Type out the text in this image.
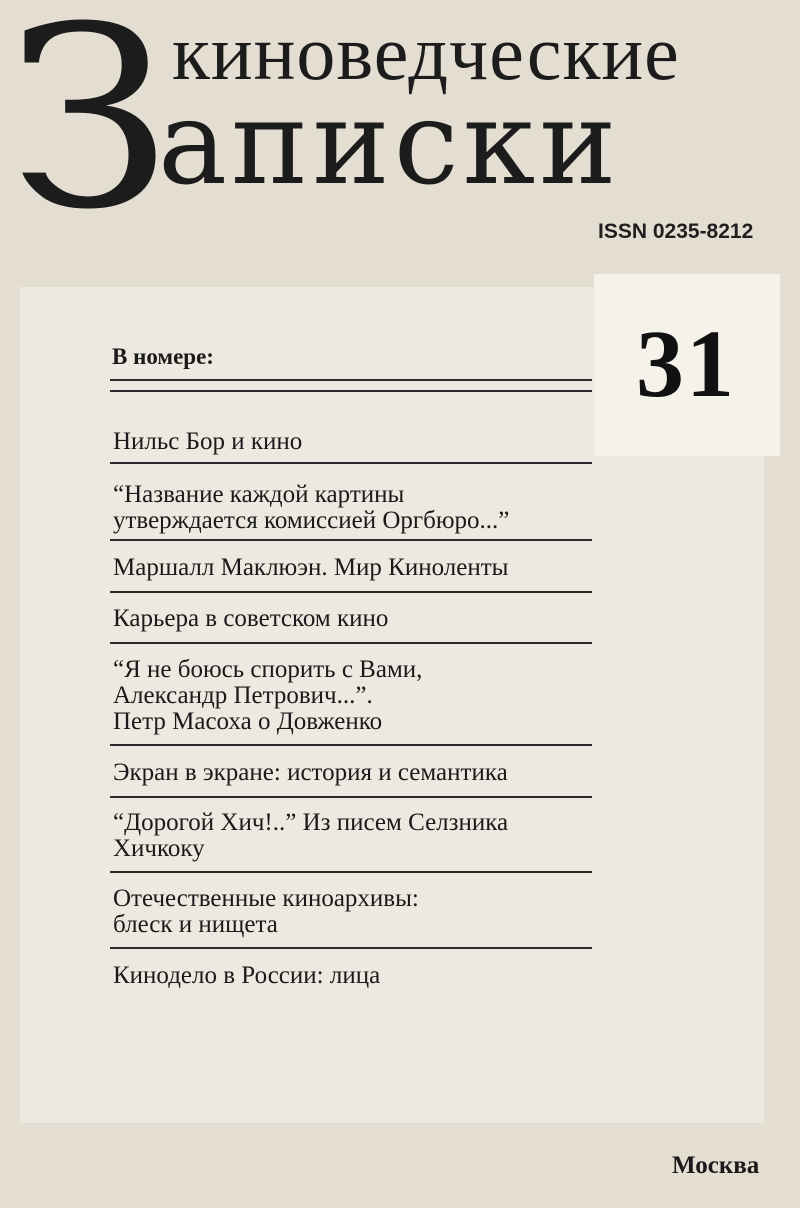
З киноведческие
аписки
ISSN 0235-8212
31
В номере:
Нильс Бор и кино
“Название каждой картины
утверждается комиссией Оргбюро...”
Маршалл Маклюэн. Мир Киноленты
Карьера в советском кино
“Я не боюсь спорить с Вами,
Александр Петрович...”.
Петр Масоха о Довженко
Экран в экране: история и семантика
“Дорогой Хич!..” Из писем Селзника
Хичкоку
Отечественные киноархивы:
блеск и нищета
Кинодело в России: лица
Москва
